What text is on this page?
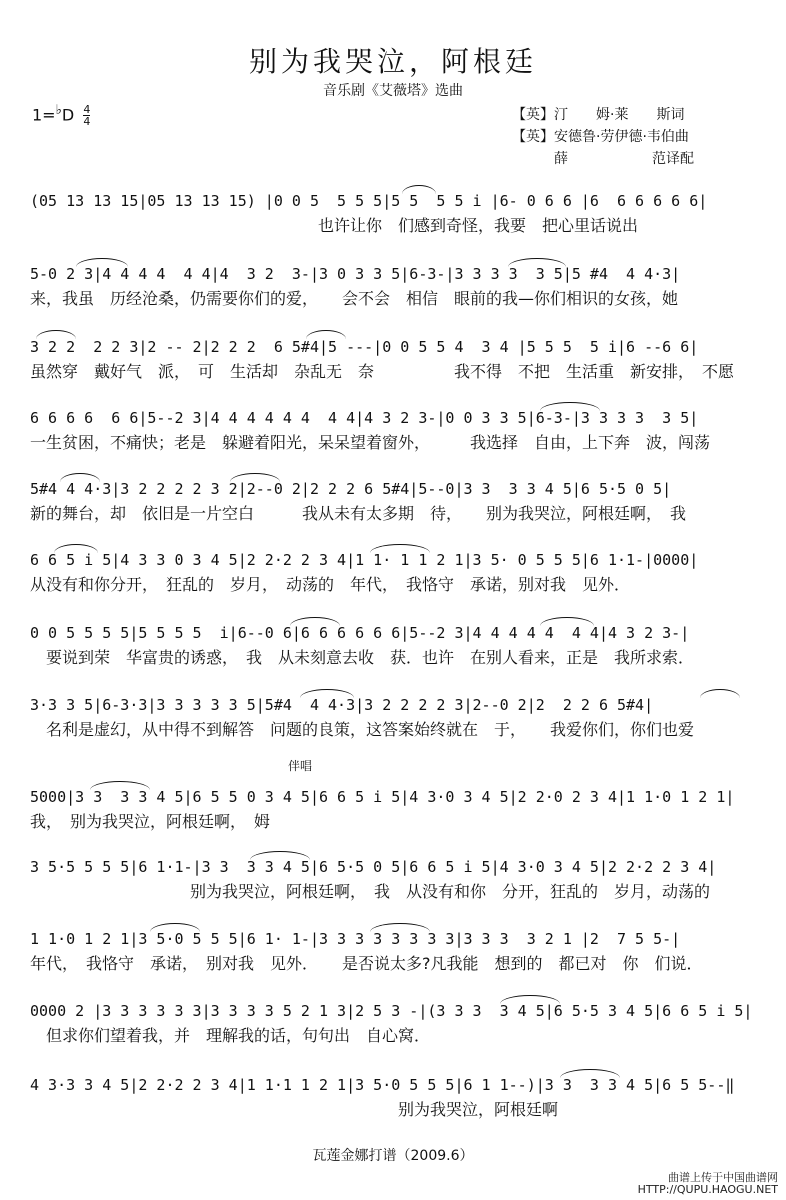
别为我哭泣，阿根廷
音乐剧《艾薇塔》选曲
$1=^♭D \frac{4}{4}$	【英】汀　　姆·莱　　斯词
【英】安德鲁·劳伊德·韦伯曲
　　　薛　　　　　　范译配
(05 13 13 15|05 13 13 15) |0 0 5  5 5 5|5 5  5 5 i |6- 0 6 6 |6  6 6 6 6 6|
　　　　　　　　　　　　　　　　　　也许让你　们感到奇怪，我要　把心里话说出
5-0 2 3|4 4 4 4  4 4|4  3 2  3-|3 0 3 3 5|6-3-|3 3 3 3  3 5|5 #4  4 4·3|
来，我虽　历经沧桑，仍需要你们的爱，　　会不会　相信　眼前的我—你们相识的女孩，她
3 2 2  2 2 3|2 -- 2|2 2 2  6 5#4|5 ---|0 0 5 5 4  3 4 |5 5 5  5 i|6 --6 6|
虽然穿　戴好气　派，　可　生活却　杂乱无　奈　　　　　我不得　不把　生活重　新安排，　不愿
6 6 6 6  6 6|5--2 3|4 4 4 4 4 4  4 4|4 3 2 3-|0 0 3 3 5|6-3-|3 3 3 3  3 5|
一生贫困，不痛快；老是　躲避着阳光，呆呆望着窗外，　　　我选择　自由，上下奔　波，闯荡
5#4 4 4·3|3 2 2 2 2 3 2|2--0 2|2 2 2 6 5#4|5--0|3 3  3 3 4 5|6 5·5 0 5|
新的舞台，却　依旧是一片空白　　　我从未有太多期　待，　　别为我哭泣，阿根廷啊，　我
6 6 5 i 5|4 3 3 0 3 4 5|2 2·2 2 3 4|1 1· 1 1 2 1|3 5· 0 5 5 5|6 1·1-|0000|
从没有和你分开，　狂乱的　岁月，　动荡的　年代，　我恪守　承诺，别对我　见外．
0 0 5 5 5 5|5 5 5 5  i|6--0 6|6 6 6 6 6 6|5--2 3|4 4 4 4 4  4 4|4 3 2 3-|
　要说到荣　华富贵的诱惑，　我　从未刻意去收　获．也许　在别人看来，正是　我所求索．
3·3 3 5|6-3·3|3 3 3 3 3 5|5#4  4 4·3|3 2 2 2 2 3|2--0 2|2  2 2 6 5#4|
　名利是虚幻，从中得不到解答　问题的良策，这答案始终就在　于，　　我爱你们，你们也爱
伴唱
5000|3 3  3 3 4 5|6 5 5 0 3 4 5|6 6 5 i 5|4 3·0 3 4 5|2 2·0 2 3 4|1 1·0 1 2 1|
我，　别为我哭泣，阿根廷啊，　姆
3 5·5 5 5 5|6 1·1-|3 3  3 3 4 5|6 5·5 0 5|6 6 5 i 5|4 3·0 3 4 5|2 2·2 2 3 4|
　　　　　　　　　　别为我哭泣，阿根廷啊，　我　从没有和你　分开，狂乱的　岁月，动荡的
1 1·0 1 2 1|3 5·0 5 5 5|6 1· 1-|3 3 3 3 3 3 3 3|3 3 3  3 2 1 |2  7 5 5-|
年代，　我恪守　承诺，　别对我　见外．　　是否说太多?凡我能　想到的　都已对　你　们说．
0000 2 |3 3 3 3 3 3|3 3 3 3 5 2 1 3|2 5 3 -|(3 3 3  3 4 5|6 5·5 3 4 5|6 6 5 i 5|
　但求你们望着我，并　理解我的话，句句出　自心窝．
4 3·3 3 4 5|2 2·2 2 3 4|1 1·1 1 2 1|3 5·0 5 5 5|6 1 1--)|3 3  3 3 4 5|6 5 5--‖
　　　　　　　　　　　　　　　　　　　　　　　别为我哭泣，阿根廷啊
瓦莲金娜打谱（2009.6）
曲谱上传于中国曲谱网
HTTP://QUPU.HAOGU.NET
